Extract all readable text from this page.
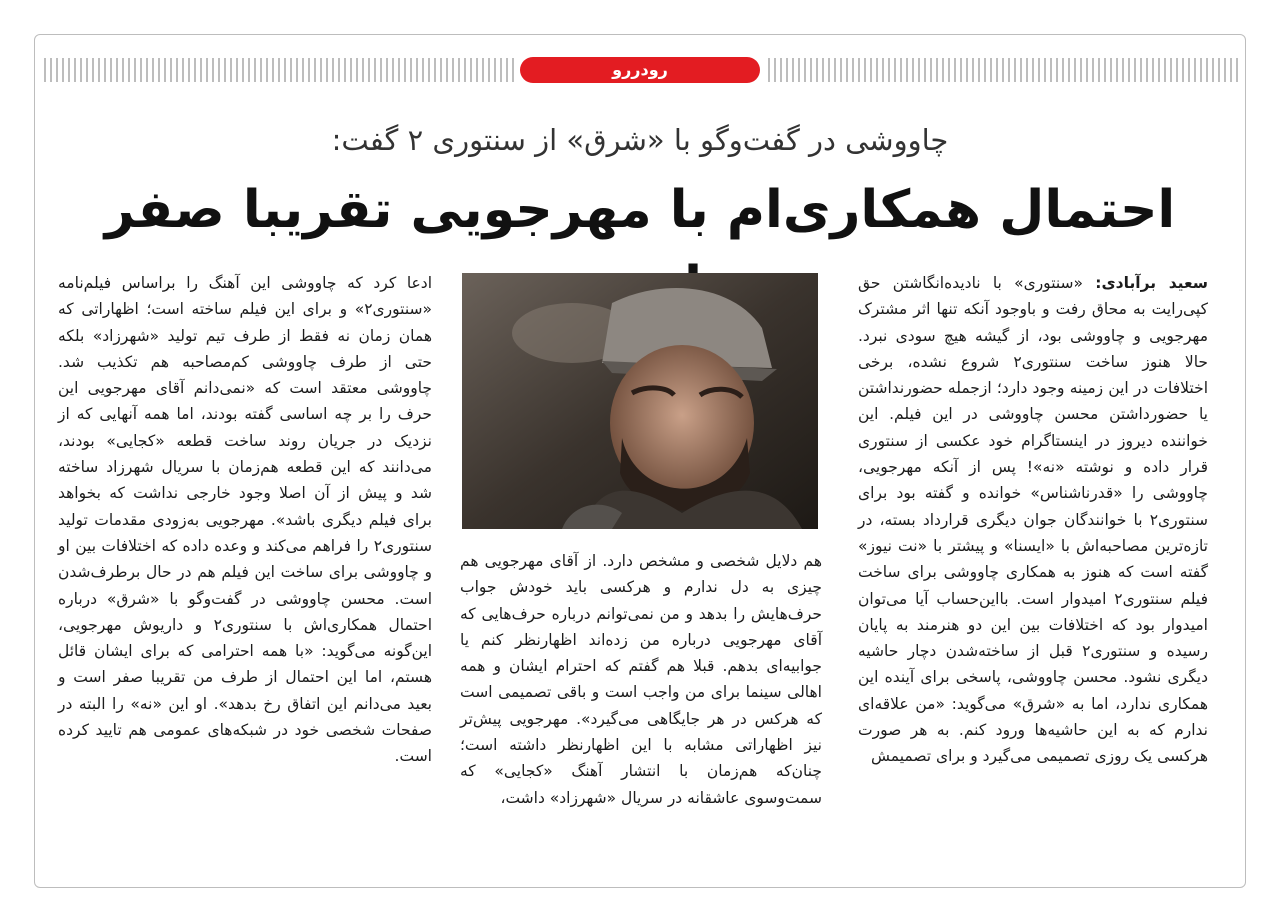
رودررو
چاووشی در گفت‌وگو با «شرق» از سنتوری ۲ گفت:
احتمال همکاری‌ام با مهرجویی تقریبا صفر
سعید برآبادی: «سنتوری» با نادیده‌انگاشتن حق کپی‌رایت به محاق رفت و باوجود آنکه تنها اثر مشترک مهرجویی و چاووشی بود، از گیشه هیچ سودی نبرد. حالا هنوز ساخت سنتوری۲ شروع نشده، برخی اختلافات در این زمینه وجود دارد؛ ازجمله حضورنداشتن یا حضورداشتن محسن چاووشی در این فیلم. این خواننده دیروز در اینستاگرام خود عکسی از سنتوری قرار داده و نوشته «نه»! پس از آنکه مهرجویی، چاووشی را «قدرناشناس» خوانده و گفته بود برای سنتوری۲ با خوانندگان جوان دیگری قرارداد بسته، در تازه‌ترین مصاحبه‌اش با «ایسنا» و پیشتر با «نت نیوز» گفته است که هنوز به همکاری چاووشی برای ساخت فیلم سنتوری۲ امیدوار است. بااین‌حساب آیا می‌توان امیدوار بود که اختلافات بین این دو هنرمند به پایان رسیده و سنتوری۲ قبل از ساخته‌شدن دچار حاشیه دیگری نشود. محسن چاووشی، پاسخی برای آینده این همکاری ندارد، اما به «شرق» می‌گوید: «من علاقه‌ای ندارم که به این حاشیه‌ها ورود کنم. به هر صورت هرکسی یک روزی تصمیمی می‌گیرد و برای تصمیمش
هم دلایل شخصی و مشخص دارد. از آقای مهرجویی هم چیزی به دل ندارم و هرکسی باید خودش جواب حرف‌هایش را بدهد و من نمی‌توانم درباره حرف‌هایی که آقای مهرجویی درباره من زده‌اند اظهارنظر کنم یا جوابیه‌ای بدهم. قبلا هم گفتم که احترام ایشان و همه اهالی سینما برای من واجب است و باقی تصمیمی است که هرکس در هر جایگاهی می‌گیرد». مهرجویی پیش‌تر نیز اظهاراتی مشابه با این اظهارنظر داشته است؛ چنان‌که هم‌زمان با انتشار آهنگ «کجایی» که سمت‌وسوی عاشقانه در سریال «شهرزاد» داشت،
ادعا کرد که چاووشی این آهنگ را براساس فیلم‌نامه «سنتوری۲» و برای این فیلم ساخته است؛ اظهاراتی که همان زمان نه فقط از طرف تیم تولید «شهرزاد» بلکه حتی از طرف چاووشی کم‌مصاحبه هم تکذیب شد. چاووشی معتقد است که «نمی‌دانم آقای مهرجویی این حرف را بر چه اساسی گفته بودند، اما همه آنهایی که از نزدیک در جریان روند ساخت قطعه «کجایی» بودند، می‌دانند که این قطعه هم‌زمان با سریال شهرزاد ساخته شد و پیش از آن اصلا وجود خارجی نداشت که بخواهد برای فیلم دیگری باشد». مهرجویی به‌زودی مقدمات تولید سنتوری۲ را فراهم می‌کند و وعده داده که اختلافات بین او و چاووشی برای ساخت این فیلم هم در حال برطرف‌شدن است. محسن چاووشی در گفت‌وگو با «شرق» درباره احتمال همکاری‌اش با سنتوری۲ و داریوش مهرجویی، این‌گونه می‌گوید: «با همه احترامی که برای ایشان قائل هستم، اما این احتمال از طرف من تقریبا صفر است و بعید می‌دانم این اتفاق رخ بدهد». او این «نه» را البته در صفحات شخصی خود در شبکه‌های عمومی هم تایید کرده است.
